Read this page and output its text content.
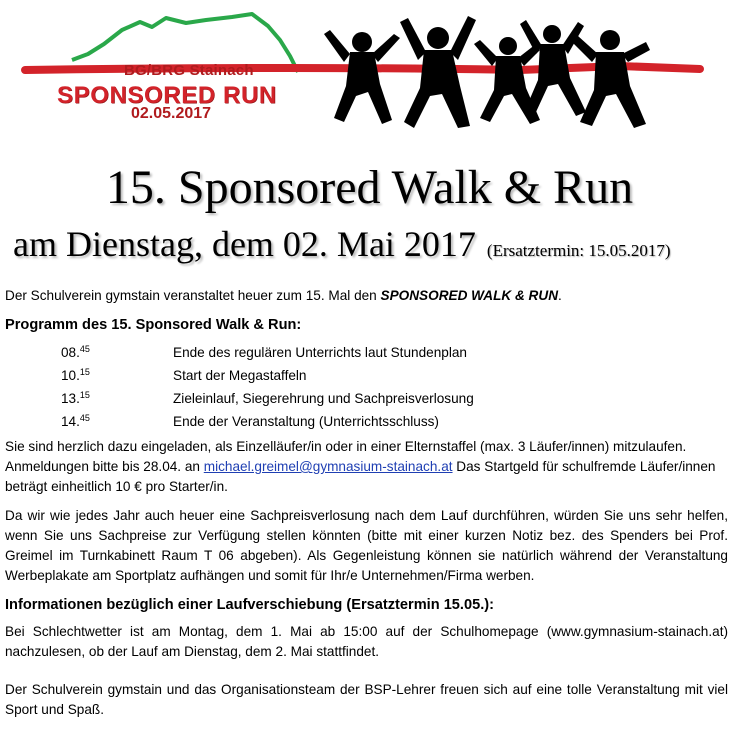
BG/BRG Stainach
SPONSORED RUN
02.05.2017
15. Sponsored Walk & Run
am Dienstag, dem 02. Mai 2017 (Ersatztermin: 15.05.2017)

Der Schulverein gymstain veranstaltet heuer zum 15. Mal den SPONSORED WALK & RUN.

Programm des 15. Sponsored Walk & Run:

08.45	Ende des regulären Unterrichts laut Stundenplan
10.15	Start der Megastaffeln
13.15	Zieleinlauf, Siegerehrung und Sachpreisverlosung
14.45	Ende der Veranstaltung (Unterrichtsschluss)

Sie sind herzlich dazu eingeladen, als Einzelläufer/in oder in einer Elternstaffel (max. 3 Läufer/innen) mitzulaufen. Anmeldungen bitte bis 28.04. an michael.greimel@gymnasium-stainach.at Das Startgeld für schulfremde Läufer/innen beträgt einheitlich 10 € pro Starter/in.

Da wir wie jedes Jahr auch heuer eine Sachpreisverlosung nach dem Lauf durchführen, würden Sie uns sehr helfen, wenn Sie uns Sachpreise zur Verfügung stellen könnten (bitte mit einer kurzen Notiz bez. des Spenders bei Prof. Greimel im Turnkabinett Raum T 06 abgeben). Als Gegenleistung können sie natürlich während der Veranstaltung Werbeplakate am Sportplatz aufhängen und somit für Ihr/e Unternehmen/Firma werben.

Informationen bezüglich einer Laufverschiebung (Ersatztermin 15.05.):

Bei Schlechtwetter ist am Montag, dem 1. Mai ab 15:00 auf der Schulhomepage (www.gymnasium-stainach.at) nachzulesen, ob der Lauf am Dienstag, dem 2. Mai stattfindet.

Der Schulverein gymstain und das Organisationsteam der BSP-Lehrer freuen sich auf eine tolle Veranstaltung mit viel Sport und Spaß.
